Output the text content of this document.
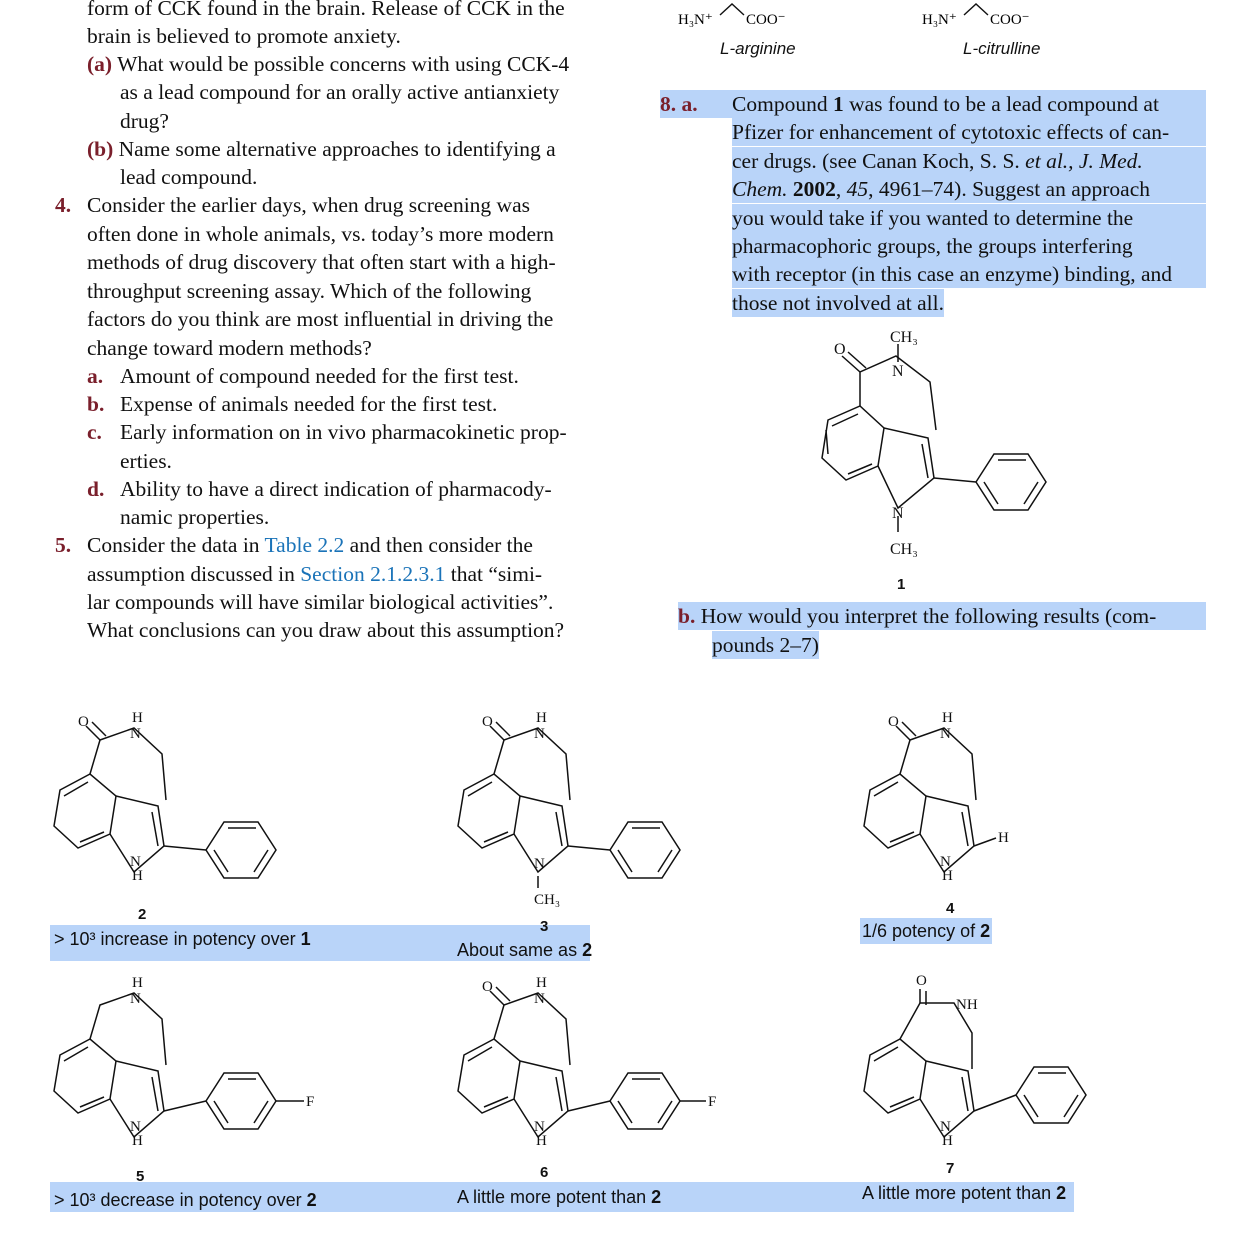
form of CCK found in the brain. Release of CCK in the
brain is believed to promote anxiety.
(a) What would be possible concerns with using CCK-4
as a lead compound for an orally active antianxiety
drug?
(b) Name some alternative approaches to identifying a
lead compound.
4. Consider the earlier days, when drug screening was
often done in whole animals, vs. today’s more modern
methods of drug discovery that often start with a high-
throughput screening assay. Which of the following
factors do you think are most influential in driving the
change toward modern methods?
a. Amount of compound needed for the first test.
b. Expense of animals needed for the first test.
c. Early information on in vivo pharmacokinetic prop-
erties.
d. Ability to have a direct indication of pharmacody-
namic properties.
5. Consider the data in Table 2.2 and then consider the
assumption discussed in Section 2.1.2.3.1 that “simi-
lar compounds will have similar biological activities”.
What conclusions can you draw about this assumption?
H₃N⁺ COO⁻	H₃N⁺ COO⁻
L-arginine	L-citrulline
8. a.	Compound 1 was found to be a lead compound at
Pfizer for enhancement of cytotoxic effects of can-
cer drugs. (see Canan Koch, S. S. et al., J. Med.
Chem. 2002, 45, 4961–74). Suggest an approach
you would take if you wanted to determine the
pharmacophoric groups, the groups interfering
with receptor (in this case an enzyme) binding, and
those not involved at all.
O
N
CH₃
N
CH₃
1
b. How would you interpret the following results (com-
pounds 2–7)
O	H
N
N
H
O	H
N
N
CH₃
O	H
N
H
N
H
H
N
F
N
H
O	H
N
F
N
H
O
NH
N
H
2
3
4
5	6	7
> 10³ increase in potency over 1
About same as 2
1/6 potency of 2
> 10³ decrease in potency over 2	A little more potent than 2	A little more potent than 2
